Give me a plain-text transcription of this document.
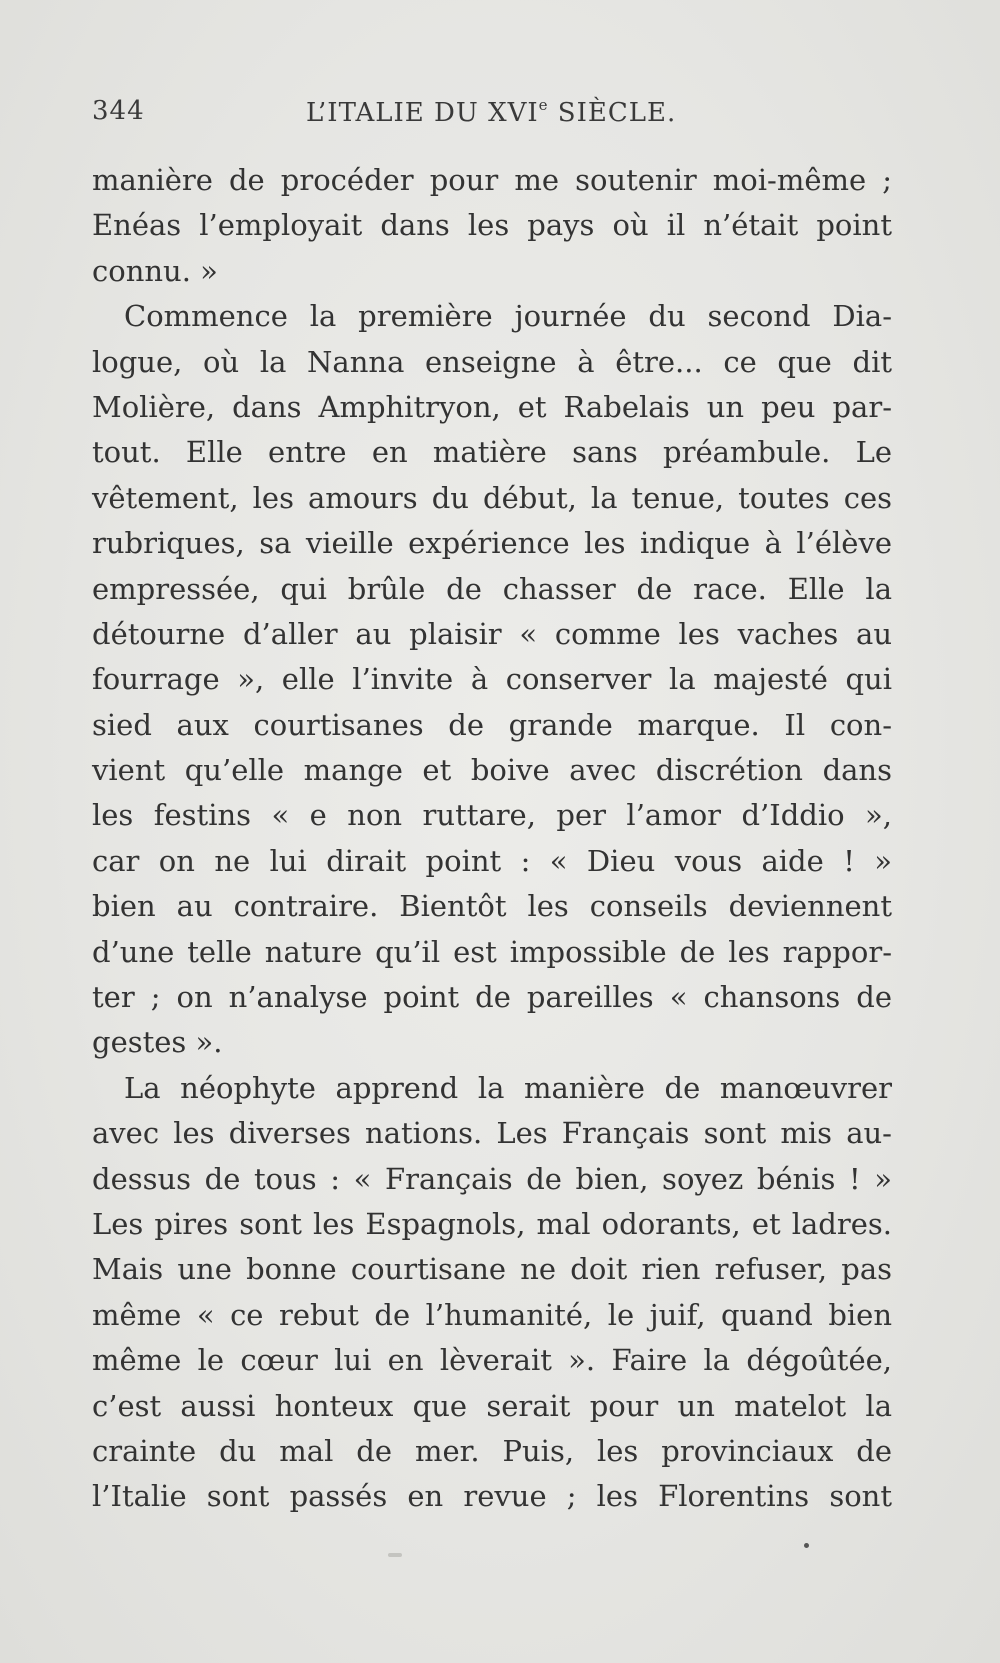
344	L’ITALIE DU XVIe SIÈCLE.
manière de procéder pour me soutenir moi-même ;
Enéas l’employait dans les pays où il n’était point
connu. »
Commence la première journée du second Dia-
logue, où la Nanna enseigne à être... ce que dit
Molière, dans Amphitryon, et Rabelais un peu par-
tout. Elle entre en matière sans préambule. Le
vêtement, les amours du début, la tenue, toutes ces
rubriques, sa vieille expérience les indique à l’élève
empressée, qui brûle de chasser de race. Elle la
détourne d’aller au plaisir « comme les vaches au
fourrage », elle l’invite à conserver la majesté qui
sied aux courtisanes de grande marque. Il con-
vient qu’elle mange et boive avec discrétion dans
les festins « e non ruttare, per l’amor d’Iddio »,
car on ne lui dirait point : « Dieu vous aide ! »
bien au contraire. Bientôt les conseils deviennent
d’une telle nature qu’il est impossible de les rappor-
ter ; on n’analyse point de pareilles « chansons de
gestes ».
La néophyte apprend la manière de manœuvrer
avec les diverses nations. Les Français sont mis au-
dessus de tous : « Français de bien, soyez bénis ! »
Les pires sont les Espagnols, mal odorants, et ladres.
Mais une bonne courtisane ne doit rien refuser, pas
même « ce rebut de l’humanité, le juif, quand bien
même le cœur lui en lèverait ». Faire la dégoûtée,
c’est aussi honteux que serait pour un matelot la
crainte du mal de mer. Puis, les provinciaux de
l’Italie sont passés en revue ; les Florentins sont
